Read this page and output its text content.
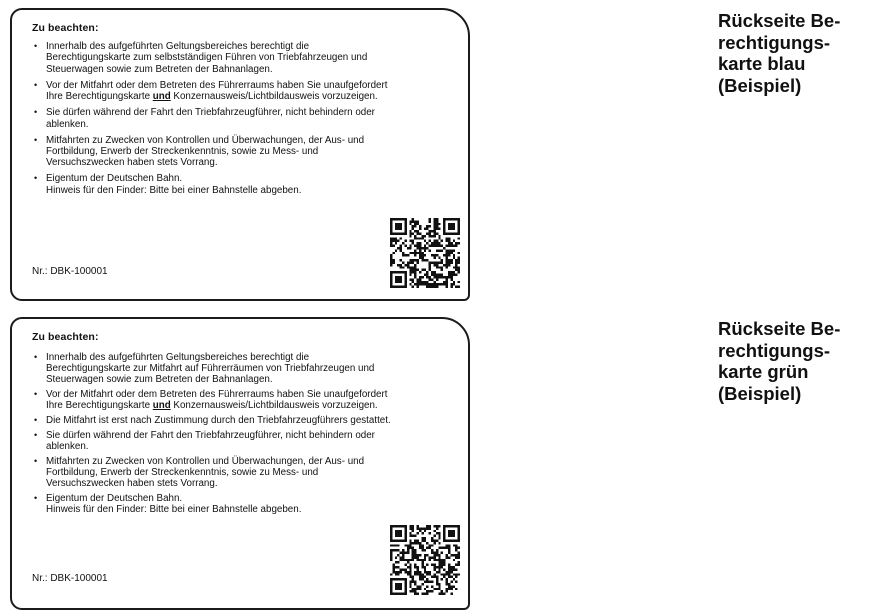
Zu beachten:
• Innerhalb des aufgeführten Geltungsbereiches berechtigt die
Berechtigungskarte zum selbstständigen Führen von Triebfahrzeugen und
Steuerwagen sowie zum Betreten der Bahnanlagen.
• Vor der Mitfahrt oder dem Betreten des Führerraums haben Sie unaufgefordert
Ihre Berechtigungskarte und Konzernausweis/Lichtbildausweis vorzuzeigen.
• Sie dürfen während der Fahrt den Triebfahrzeugführer, nicht behindern oder
ablenken.
• Mitfahrten zu Zwecken von Kontrollen und Überwachungen, der Aus- und
Fortbildung, Erwerb der Streckenkenntnis, sowie zu Mess- und
Versuchszwecken haben stets Vorrang.
• Eigentum der Deutschen Bahn.
Hinweis für den Finder: Bitte bei einer Bahnstelle abgeben.
Nr.: DBK-100001
Zu beachten:
• Innerhalb des aufgeführten Geltungsbereiches berechtigt die
Berechtigungskarte zur Mitfahrt auf Führerräumen von Triebfahrzeugen und
Steuerwagen sowie zum Betreten der Bahnanlagen.
• Vor der Mitfahrt oder dem Betreten des Führerraums haben Sie unaufgefordert
Ihre Berechtigungskarte und Konzernausweis/Lichtbildausweis vorzuzeigen.
• Die Mitfahrt ist erst nach Zustimmung durch den Triebfahrzeugführers gestattet.
• Sie dürfen während der Fahrt den Triebfahrzeugführer, nicht behindern oder
ablenken.
• Mitfahrten zu Zwecken von Kontrollen und Überwachungen, der Aus- und
Fortbildung, Erwerb der Streckenkenntnis, sowie zu Mess- und
Versuchszwecken haben stets Vorrang.
• Eigentum der Deutschen Bahn.
Hinweis für den Finder: Bitte bei einer Bahnstelle abgeben.
Nr.: DBK-100001
Rückseite Be-
rechtigungs-
karte blau
(Beispiel)
Rückseite Be-
rechtigungs-
karte grün
(Beispiel)
